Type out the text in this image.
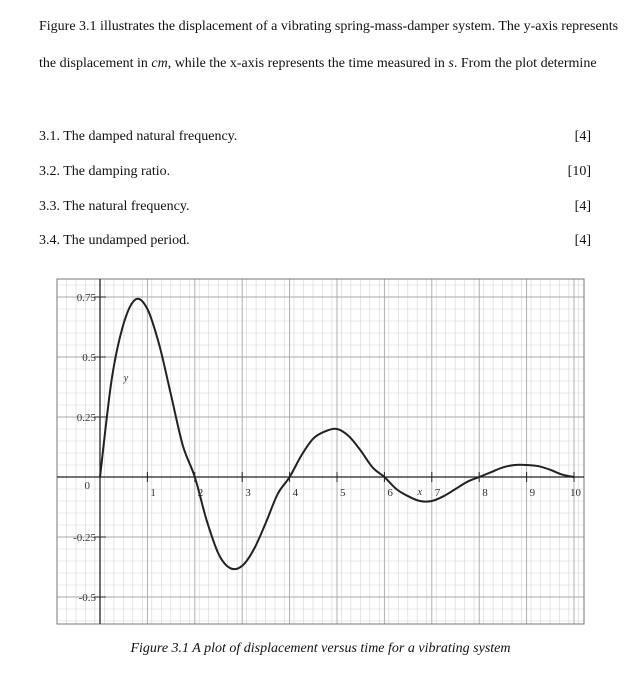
Figure 3.1 illustrates the displacement of a vibrating spring-mass-damper system. The y-axis represents the displacement in cm, while the x-axis represents the time measured in s. From the plot determine

3.1. The damped natural frequency.	[4]
3.2. The damping ratio.	[10]
3.3. The natural frequency.	[4]
3.4. The undamped period.	[4]
1	2	3	4	5	6	7	8	9	10
0.75
0.5
0.25
-0.25
-0.5
0
y
x
Figure 3.1 A plot of displacement versus time for a vibrating system
